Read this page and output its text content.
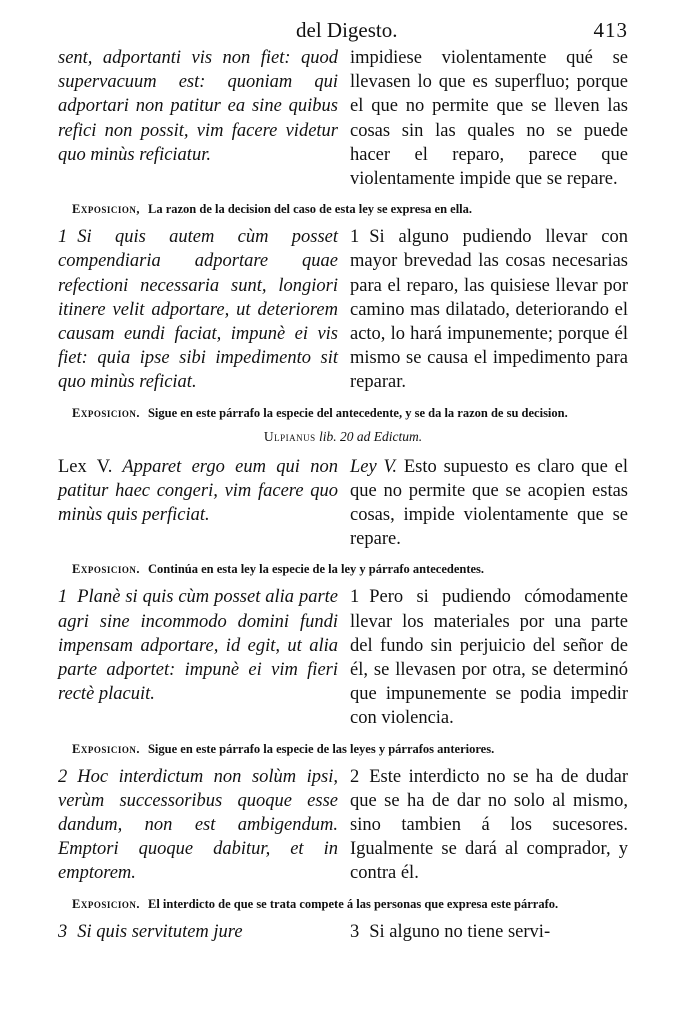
del Digesto.	413
sent, adportanti vis non fiet: quod supervacuum est: quoniam qui adportari non patitur ea sine quibus refici non possit, vim facere videtur quo minùs reficiatur.
impidiese violentamente qué se llevasen lo que es superfluo; porque el que no permite que se lleven las cosas sin las quales no se puede hacer el reparo, parece que violentamente impide que se repare.
Exposicion, La razon de la decision del caso de esta ley se expresa en ella.
1 Si quis autem cùm posset compendiaria adportare quae refectioni necessaria sunt, longiori itinere velit adportare, ut deteriorem causam eundi faciat, impunè ei vis fiet: quia ipse sibi impedimento sit quo minùs reficiat.
1 Si alguno pudiendo llevar con mayor brevedad las cosas necesarias para el reparo, las quisiese llevar por camino mas dilatado, deteriorando el acto, lo hará impunemente; porque él mismo se causa el impedimento para reparar.
Exposicion. Sigue en este párrafo la especie del antecedente, y se da la razon de su decision.
Ulpianus lib. 20 ad Edictum.
Lex V. Apparet ergo eum qui non patitur haec congeri, vim facere quo minùs quis perficiat.
Ley V. Esto supuesto es claro que el que no permite que se acopien estas cosas, impide violentamente que se repare.
Exposicion. Continúa en esta ley la especie de la ley y párrafo antecedentes.
1 Planè si quis cùm posset alia parte agri sine incommodo domini fundi impensam adportare, id egit, ut alia parte adportet: impunè ei vim fieri rectè placuit.
1 Pero si pudiendo cómodamente llevar los materiales por una parte del fundo sin perjuicio del señor de él, se llevasen por otra, se determinó que impunemente se podia impedir con violencia.
Exposicion. Sigue en este párrafo la especie de las leyes y párrafos anteriores.
2 Hoc interdictum non solùm ipsi, verùm successoribus quoque esse dandum, non est ambigendum. Emptori quoque dabitur, et in emptorem.
2 Este interdicto no se ha de dudar que se ha de dar no solo al mismo, sino tambien á los sucesores. Igualmente se dará al comprador, y contra él.
Exposicion. El interdicto de que se trata compete á las personas que expresa este párrafo.
3 Si quis servitutem jure	3 Si alguno no tiene servi-
